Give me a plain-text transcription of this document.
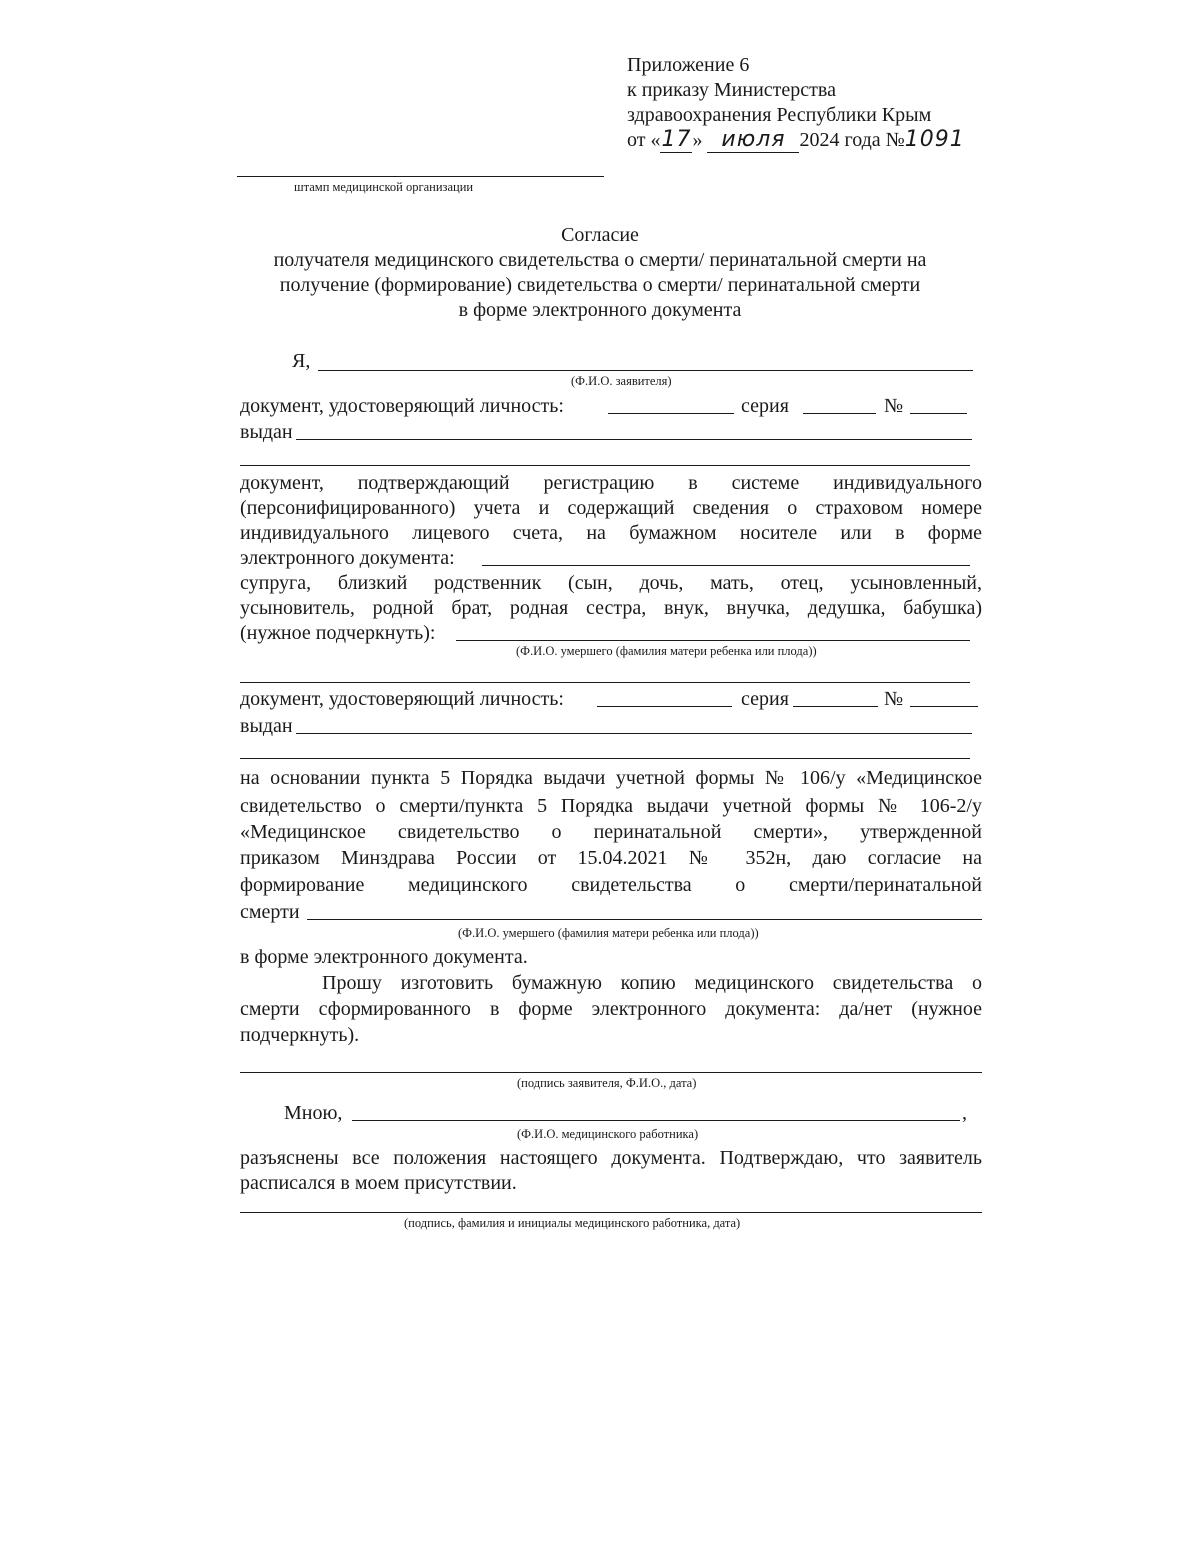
Приложение 6
к приказу Министерства
здравоохранения Республики Крым
от «17» июля 2024 года №1091
штамп медицинской организации
Согласие
получателя медицинского свидетельства о смерти/ перинатальной смерти на
получение (формирование) свидетельства о смерти/ перинатальной смерти
в форме электронного документа
Я,
(Ф.И.О. заявителя)
документ, удостоверяющий личность:	серия	№
выдан
документ, подтверждающий регистрацию в системе индивидуального
(персонифицированного) учета и содержащий сведения о страховом номере
индивидуального лицевого счета, на бумажном носителе или в форме
электронного документа:
супруга, близкий родственник (сын, дочь, мать, отец, усыновленный,
усыновитель, родной брат, родная сестра, внук, внучка, дедушка, бабушка)
(нужное подчеркнуть):
(Ф.И.О. умершего (фамилия матери ребенка или плода))
документ, удостоверяющий личность:	серия	№
выдан
на основании пункта 5 Порядка выдачи учетной формы № 106/у «Медицинское
свидетельство о смерти/пункта 5 Порядка выдачи учетной формы № 106-2/у
«Медицинское свидетельство о перинатальной смерти», утвержденной
приказом Минздрава России от 15.04.2021 № 352н, даю согласие на
формирование медицинского свидетельства о смерти/перинатальной
смерти
(Ф.И.О. умершего (фамилия матери ребенка или плода))
в форме электронного документа.
Прошу изготовить бумажную копию медицинского свидетельства о
смерти сформированного в форме электронного документа: да/нет (нужное
подчеркнуть).
(подпись заявителя, Ф.И.О., дата)
Мною,	,
(Ф.И.О. медицинского работника)
разъяснены все положения настоящего документа. Подтверждаю, что заявитель
расписался в моем присутствии.
(подпись, фамилия и инициалы медицинского работника, дата)
